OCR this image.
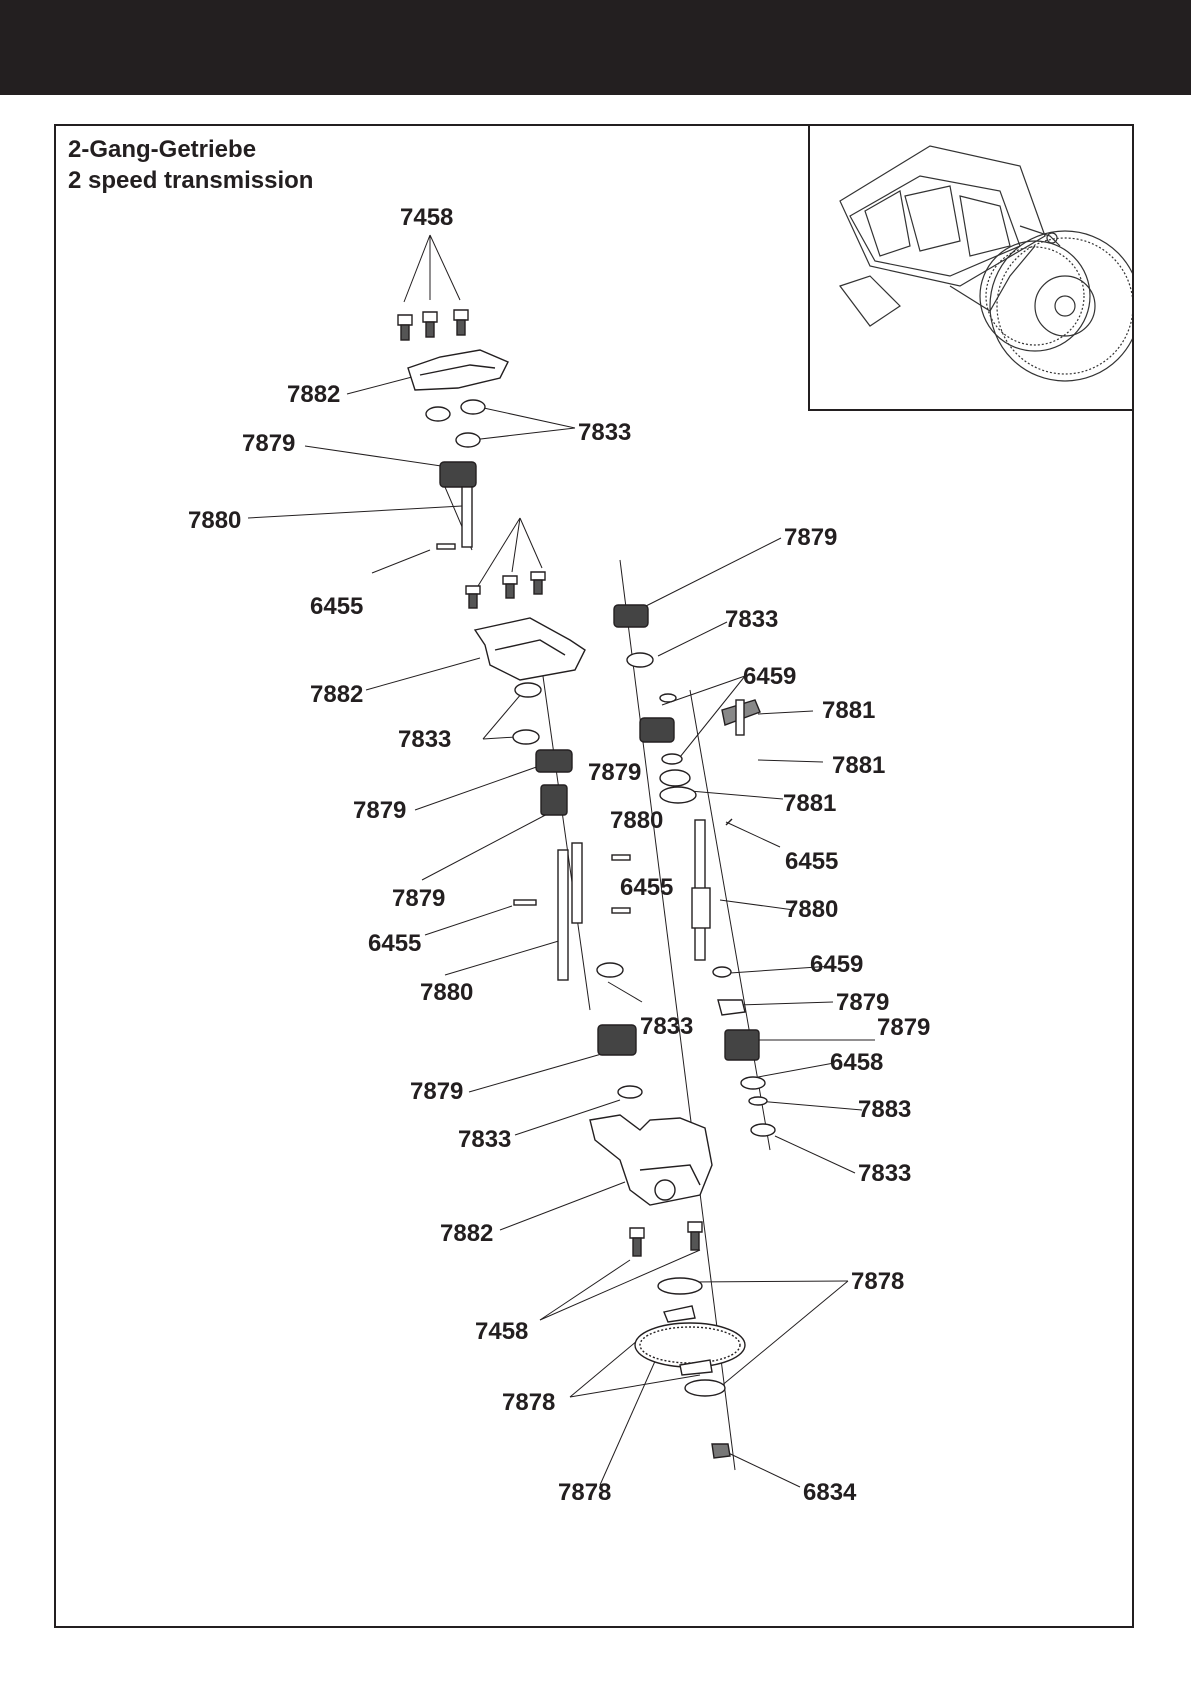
2-Gang-Getriebe
2 speed transmission
7458
7882
7833
7879
7880
6455
7879
7833
6459
7881
7881
7882
7833
7879
7881
7879	7880
6455
7879	6455
7880
6455
6459
7880	7879
7833	7879
6458
7879
7883
7833
7833
7882
7878
7458
7878
7878	6834
